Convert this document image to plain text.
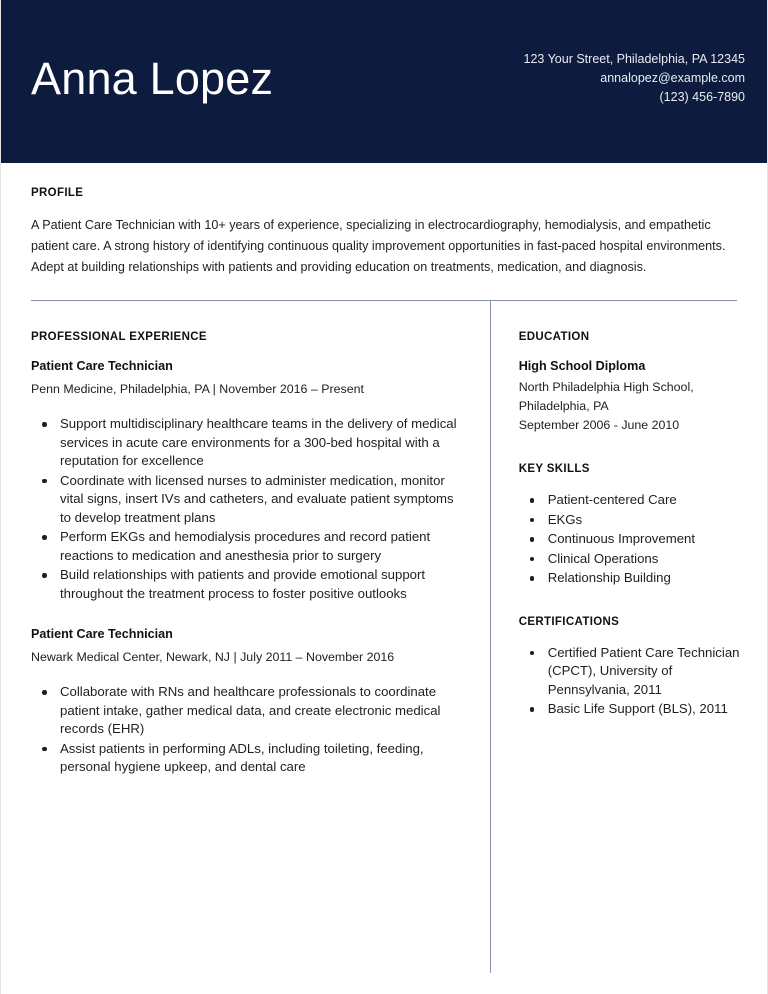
Anna Lopez	123 Your Street, Philadelphia, PA 12345
annalopez@example.com
(123) 456-7890
PROFILE

A Patient Care Technician with 10+ years of experience, specializing in electrocardiography, hemodialysis, and empathetic patient care. A strong history of identifying continuous quality improvement opportunities in fast-paced hospital environments. Adept at building relationships with patients and providing education on treatments, medication, and diagnosis.

PROFESSIONAL EXPERIENCE
Patient Care Technician

Penn Medicine, Philadelphia, PA | November 2016 – Present

Support multidisciplinary healthcare teams in the delivery of medical services in acute care environments for a 300-bed hospital with a reputation for excellence
Coordinate with licensed nurses to administer medication, monitor vital signs, insert IVs and catheters, and evaluate patient symptoms to develop treatment plans
Perform EKGs and hemodialysis procedures and record patient reactions to medication and anesthesia prior to surgery
Build relationships with patients and provide emotional support throughout the treatment process to foster positive outlooks
Patient Care Technician

Newark Medical Center, Newark, NJ | July 2011 – November 2016

Collaborate with RNs and healthcare professionals to coordinate patient intake, gather medical data, and create electronic medical records (EHR)
Assist patients in performing ADLs, including toileting, feeding, personal hygiene upkeep, and dental care
EDUCATION
High School Diploma

North Philadelphia High School, Philadelphia, PA

September 2006 - June 2010

KEY SKILLS
Patient-centered Care
EKGs
Continuous Improvement
Clinical Operations
Relationship Building
CERTIFICATIONS
Certified Patient Care Technician (CPCT), University of Pennsylvania, 2011
Basic Life Support (BLS), 2011
